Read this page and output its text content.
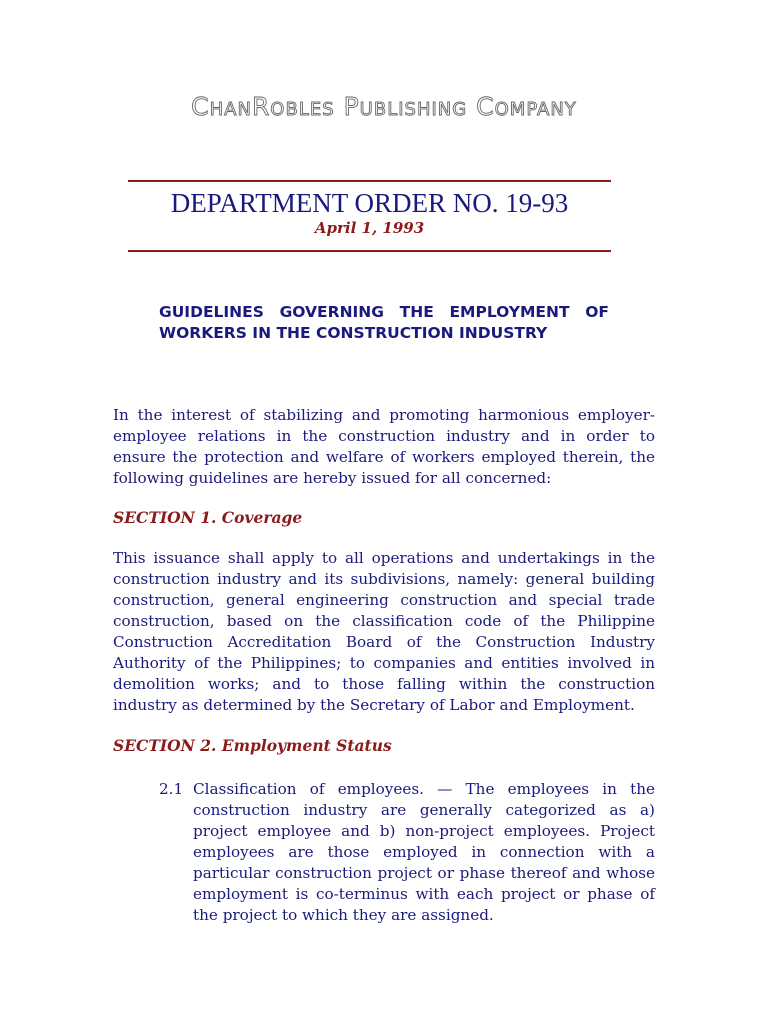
ChanRobles Publishing Company
DEPARTMENT ORDER NO. 19-93
April 1, 1993
GUIDELINES GOVERNING THE EMPLOYMENT OF WORKERS IN THE CONSTRUCTION INDUSTRY
In the interest of stabilizing and promoting harmonious employer-employee relations in the construction industry and in order to ensure the protection and welfare of workers employed therein, the following guidelines are hereby issued for all concerned:
SECTION 1. Coverage
This issuance shall apply to all operations and undertakings in the construction industry and its subdivisions, namely: general building construction, general engineering construction and special trade construction, based on the classification code of the Philippine Construction Accreditation Board of the Construction Industry Authority of the Philippines; to companies and entities involved in demolition works; and to those falling within the construction industry as determined by the Secretary of Labor and Employment.
SECTION 2. Employment Status
2.1 Classification of employees. — The employees in the construction industry are generally categorized as a) project employee and b) non-project employees. Project employees are those employed in connection with a particular construction project or phase thereof and whose employment is co-terminus with each project or phase of the project to which they are assigned.
